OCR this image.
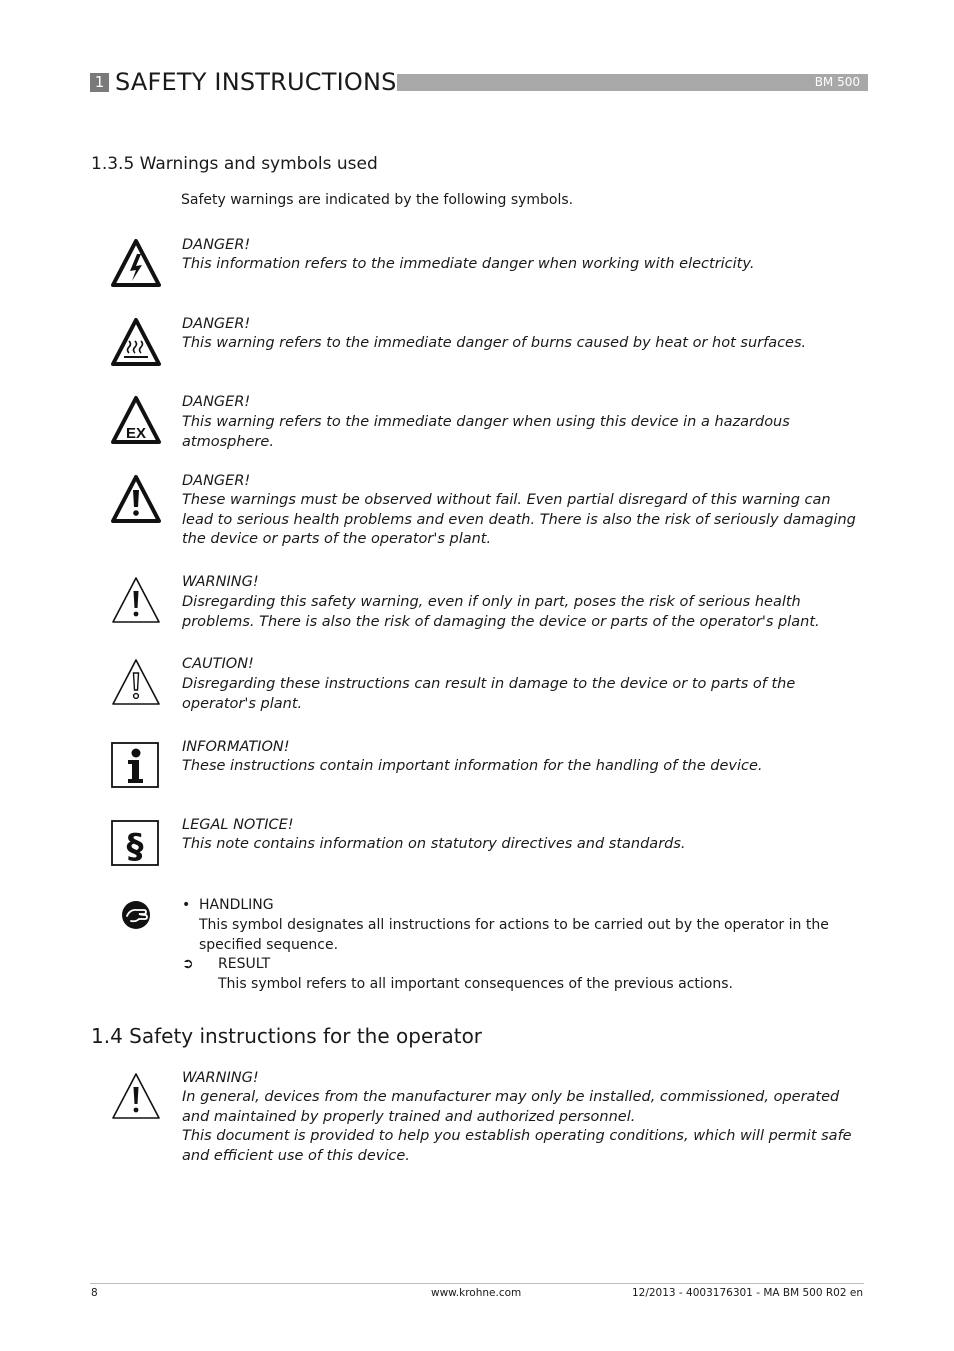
1 SAFETY INSTRUCTIONS	BM 500
1.3.5 Warnings and symbols used
Safety warnings are indicated by the following symbols.
DANGER!
This information refers to the immediate danger when working with electricity.
DANGER!
This warning refers to the immediate danger of burns caused by heat or hot surfaces.
EX
DANGER!
This warning refers to the immediate danger when using this device in a hazardous atmosphere.
DANGER!
These warnings must be observed without fail. Even partial disregard of this warning can lead to serious health problems and even death. There is also the risk of seriously damaging the device or parts of the operator's plant.
WARNING!
Disregarding this safety warning, even if only in part, poses the risk of serious health problems. There is also the risk of damaging the device or parts of the operator's plant.
CAUTION!
Disregarding these instructions can result in damage to the device or to parts of the operator's plant.
INFORMATION!
These instructions contain important information for the handling of the device.
§
LEGAL NOTICE!
This note contains information on statutory directives and standards.
• HANDLING
This symbol designates all instructions for actions to be carried out by the operator in the specified sequence.
➲ RESULT
This symbol refers to all important consequences of the previous actions.
1.4 Safety instructions for the operator
WARNING!
In general, devices from the manufacturer may only be installed, commissioned, operated and maintained by properly trained and authorized personnel.
This document is provided to help you establish operating conditions, which will permit safe and efficient use of this device.
8	www.krohne.com	12/2013 - 4003176301 - MA BM 500 R02 en
